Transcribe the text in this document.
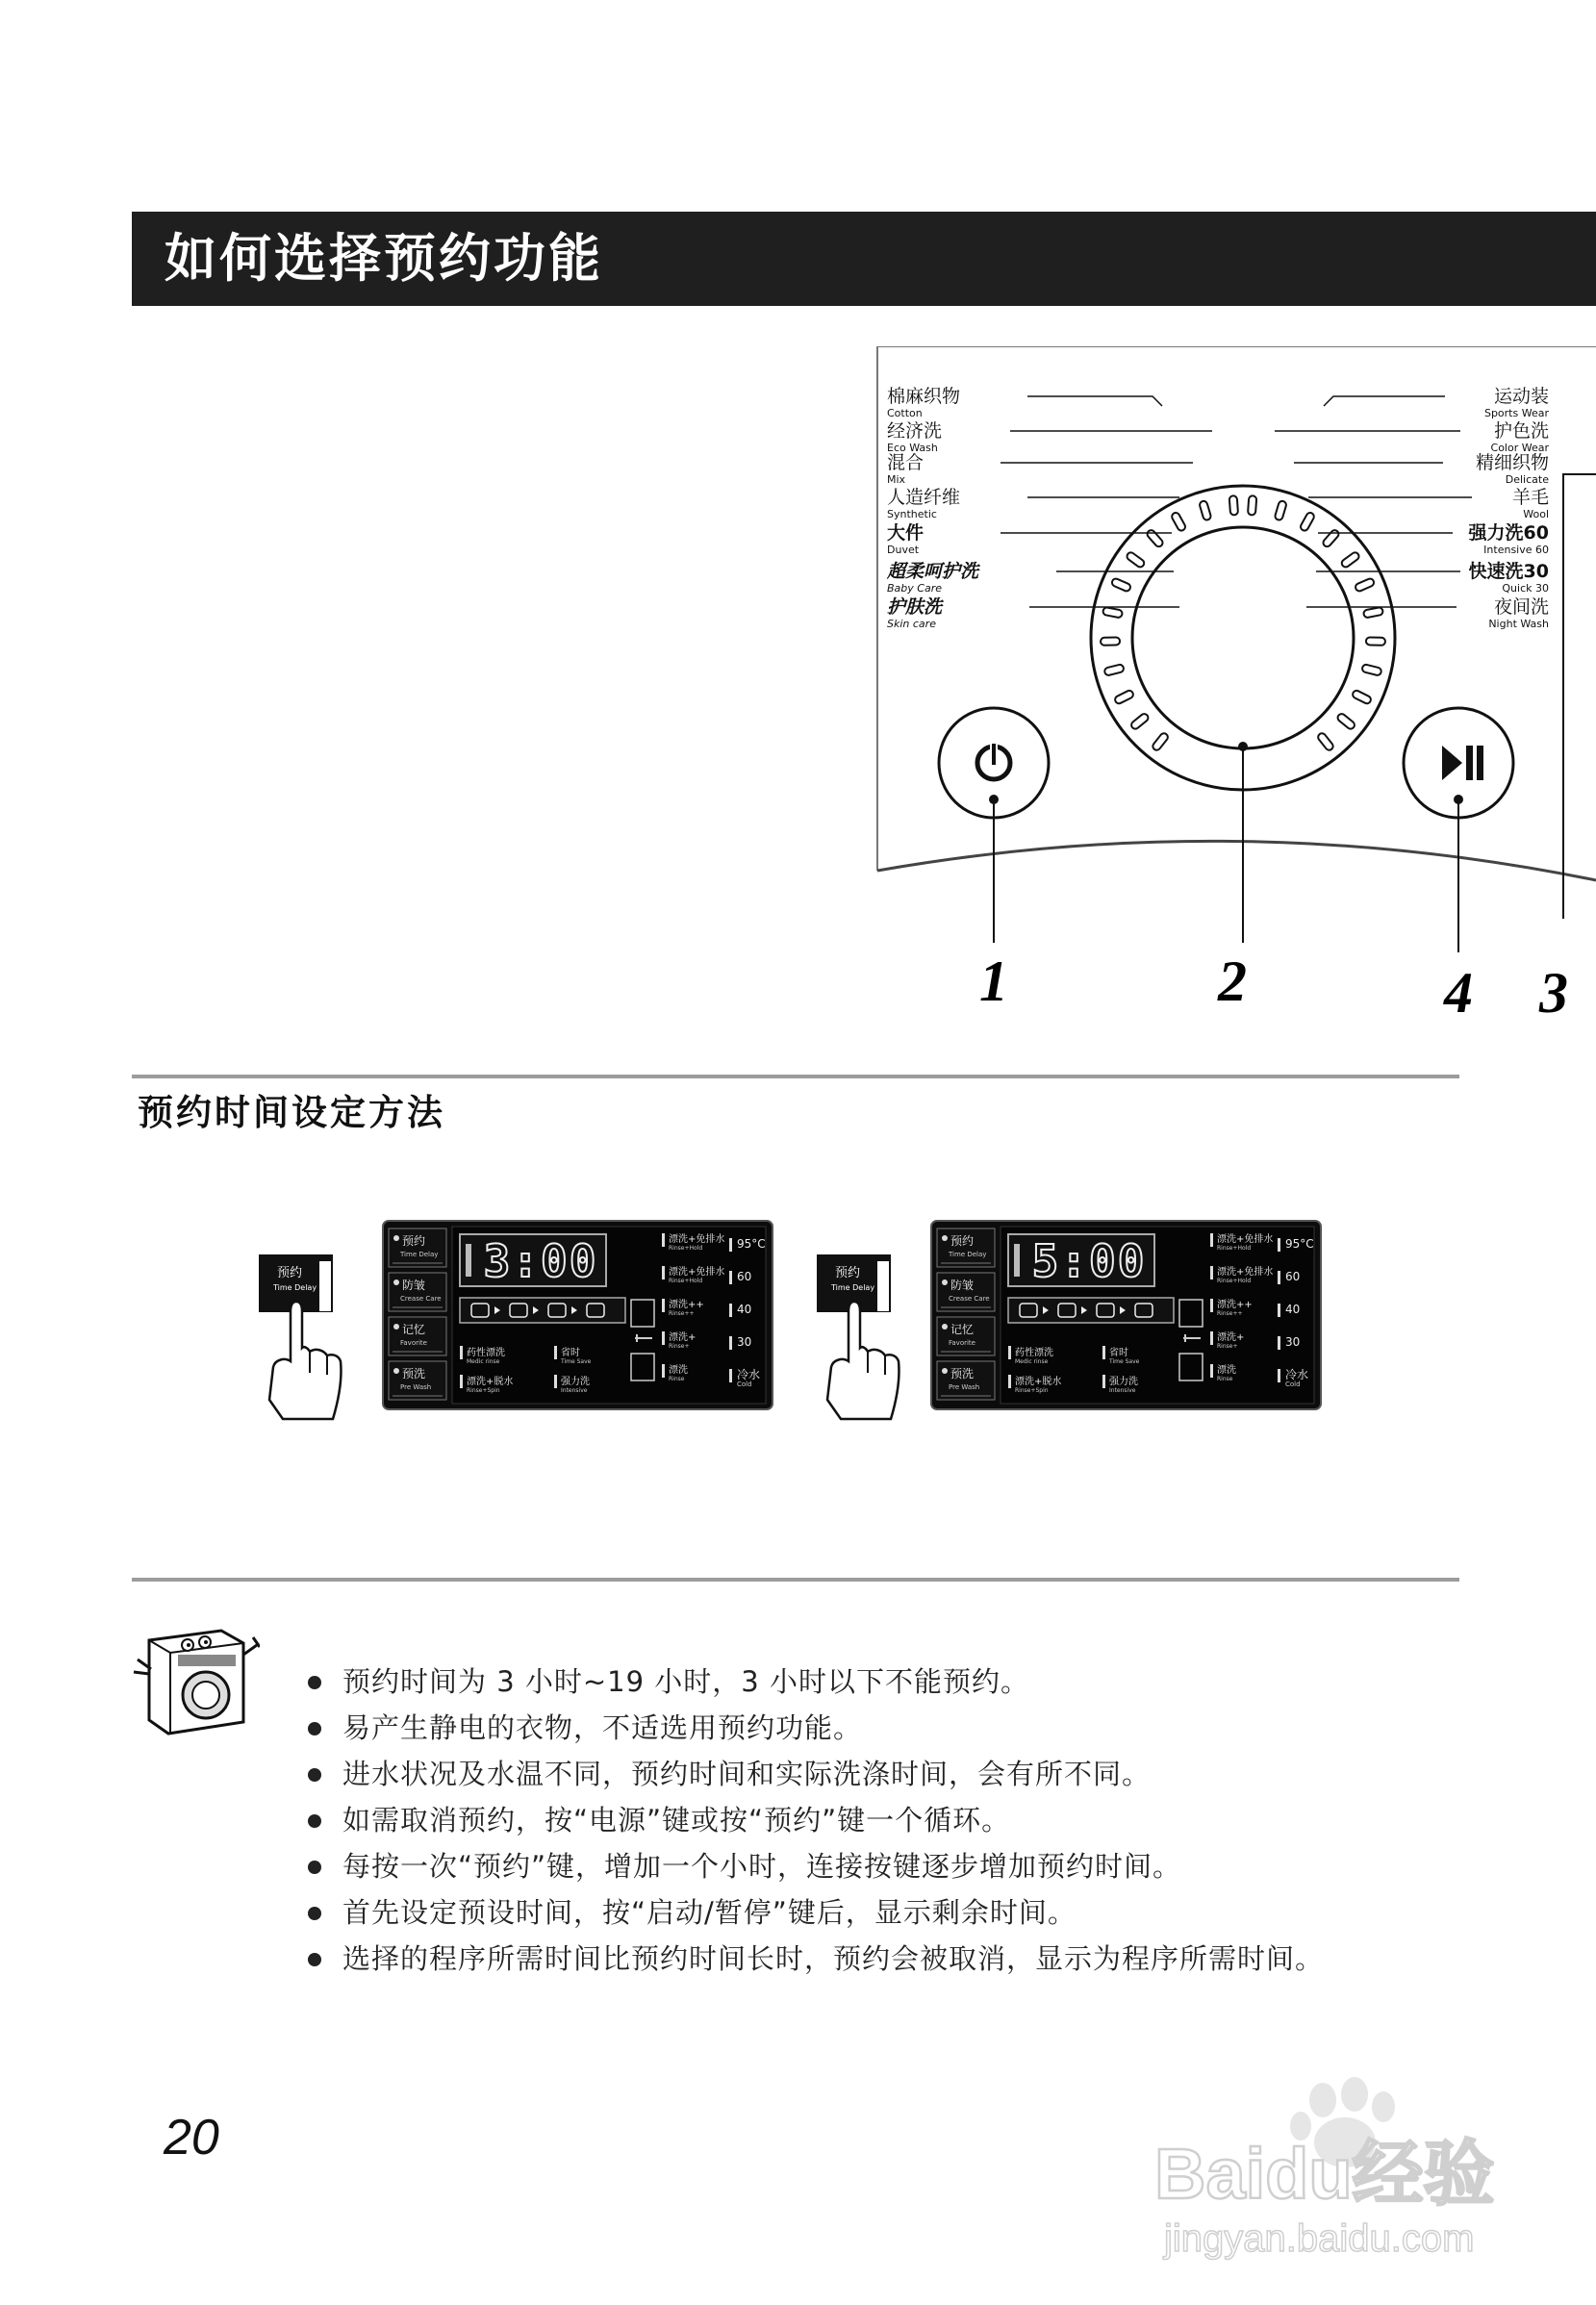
如何选择预约功能
棉麻织物
Cotton
经济洗
Eco Wash
混合
Mix
人造纤维
Synthetic
大件
Duvet
超柔呵护洗
Baby Care
护肤洗
Skin care
运动装
Sports Wear
护色洗
Color Wear
精细织物
Delicate
羊毛
Wool
强力洗60
Intensive 60
快速洗30
Quick 30
夜间洗
Night Wash
1	2	4 3
预约时间设定方法
预约
Time Delay
预约
Time Delay
防皱
Crease Care
记忆
Favorite
预洗
Pre Wash
3:00	漂洗+免排水
Rinse+Hold
漂洗+免排水
Rinse+Hold
漂洗++
Rinse++
漂洗+
Rinse+
漂洗
Rinse
95°C
60
40
30
冷水
Cold
药性漂洗
Medic rinse
省时
Time Save
漂洗+脱水
Rinse+Spin
强力洗
Intensive
预约
Time Delay
预约
Time Delay
防皱
Crease Care
记忆
Favorite
预洗
Pre Wash
5:00	漂洗+免排水
Rinse+Hold
漂洗+免排水
Rinse+Hold
漂洗++
Rinse++
漂洗+
Rinse+
漂洗
Rinse
95°C
60
40
30
冷水
Cold
药性漂洗
Medic rinse
省时
Time Save
漂洗+脱水
Rinse+Spin
强力洗
Intensive
预约时间为 3 小时~19 小时，3 小时以下不能预约。
易产生静电的衣物，不适选用预约功能。
进水状况及水温不同，预约时间和实际洗涤时间，会有所不同。
如需取消预约，按“电源”键或按“预约”键一个循环。
每按一次“预约”键，增加一个小时，连接按键逐步增加预约时间。
首先设定预设时间，按“启动/暂停”键后，显示剩余时间。
选择的程序所需时间比预约时间长时，预约会被取消，显示为程序所需时间。
20	Baidu经验
jingyan.baidu.com
